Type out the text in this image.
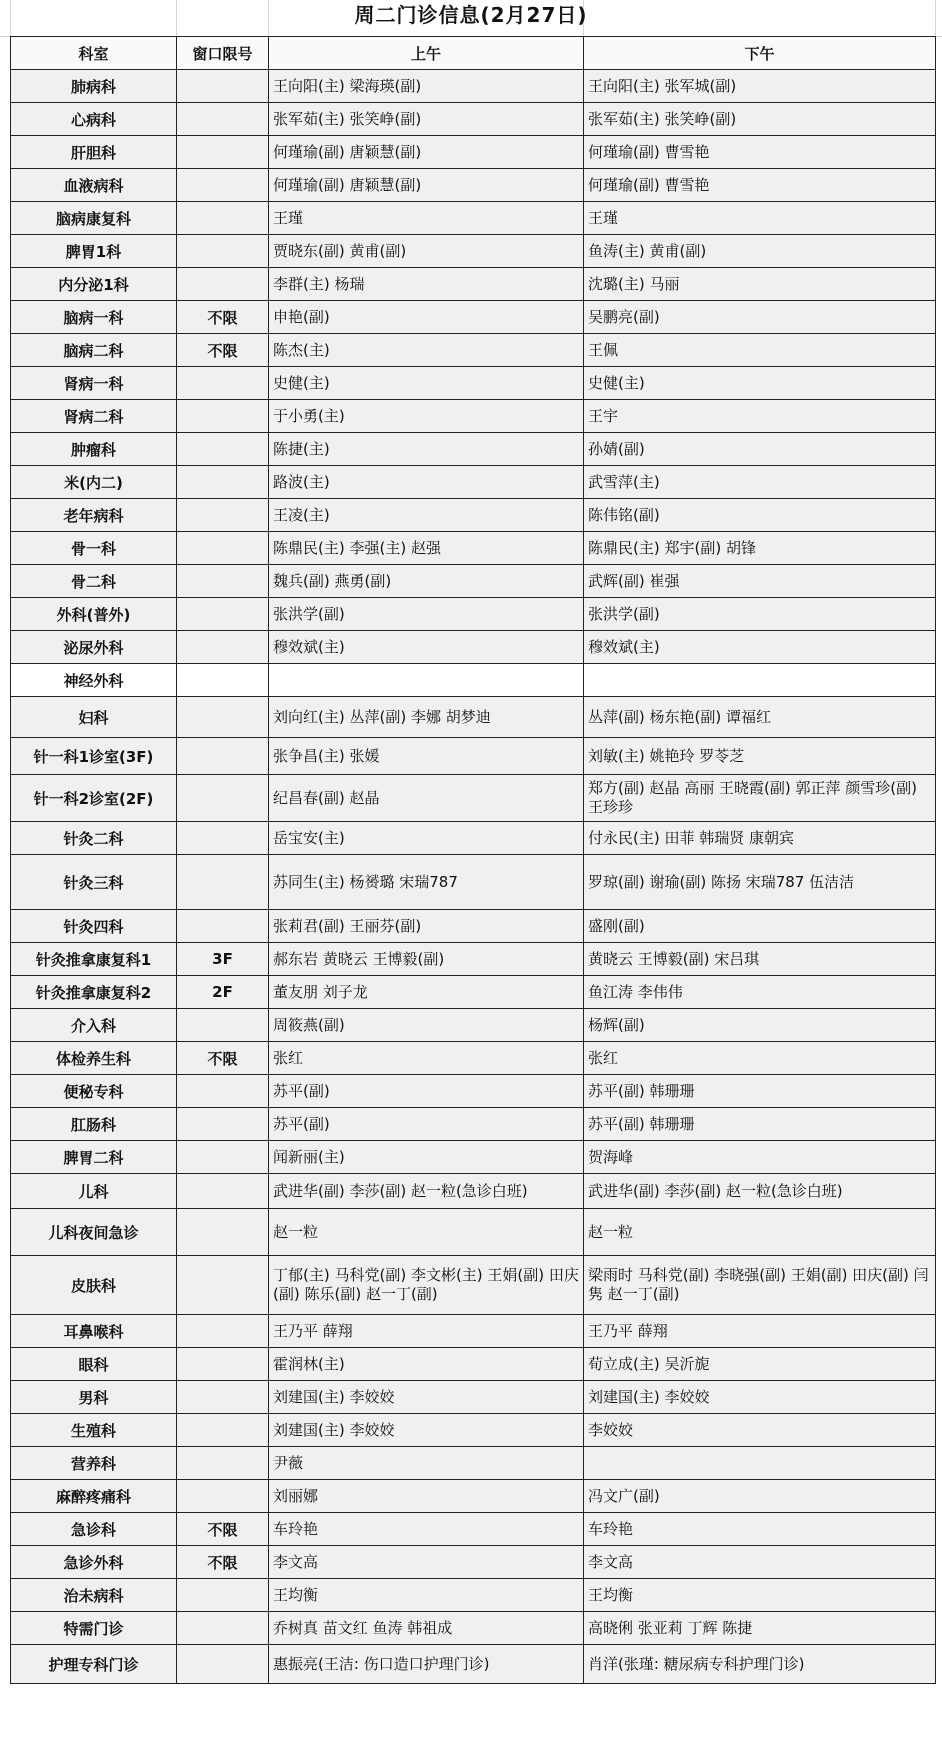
周二门诊信息(2月27日)
科室	窗口限号	上午	下午
肺病科		王向阳(主) 梁海瑛(副)	王向阳(主) 张军城(副)
心病科		张军茹(主) 张笑峥(副)	张军茹(主) 张笑峥(副)
肝胆科		何瑾瑜(副) 唐颖慧(副)	何瑾瑜(副) 曹雪艳
血液病科		何瑾瑜(副) 唐颖慧(副)	何瑾瑜(副) 曹雪艳
脑病康复科		王瑾	王瑾
脾胃1科		贾晓东(副) 黄甫(副)	鱼涛(主) 黄甫(副)
内分泌1科		李群(主) 杨瑞	沈璐(主) 马丽
脑病一科	不限	申艳(副)	吴鹏亮(副)
脑病二科	不限	陈杰(主)	王佩
肾病一科		史健(主)	史健(主)
肾病二科		于小勇(主)	王宇
肿瘤科		陈捷(主)	孙婧(副)
米(内二)		路波(主)	武雪萍(主)
老年病科		王凌(主)	陈伟铭(副)
骨一科		陈鼎民(主) 李强(主) 赵强	陈鼎民(主) 郑宇(副) 胡锋
骨二科		魏兵(副) 燕勇(副)	武辉(副) 崔强
外科(普外)		张洪学(副)	张洪学(副)
泌尿外科		穆效斌(主)	穆效斌(主)
神经外科			
妇科		刘向红(主) 丛萍(副) 李娜 胡梦迪	丛萍(副) 杨东艳(副) 谭福红
针一科1诊室(3F)		张争昌(主) 张媛	刘敏(主) 姚艳玲 罗苓芝
针一科2诊室(2F)		纪昌春(副) 赵晶	郑方(副) 赵晶 高丽 王晓霞(副) 郭正萍 颜雪珍(副) 王珍珍
针灸二科		岳宝安(主)	付永民(主) 田菲 韩瑞贤 康朝宾
针灸三科		苏同生(主) 杨赟璐 宋瑞787	罗琼(副) 谢瑜(副) 陈扬 宋瑞787 伍洁洁
针灸四科		张莉君(副) 王丽芬(副)	盛刚(副)
针灸推拿康复科1	3F	郝东岩 黄晓云 王博毅(副)	黄晓云 王博毅(副) 宋吕琪
针灸推拿康复科2	2F	董友朋 刘子龙	鱼江涛 李伟伟
介入科		周筱燕(副)	杨辉(副)
体检养生科	不限	张红	张红
便秘专科		苏平(副)	苏平(副) 韩珊珊
肛肠科		苏平(副)	苏平(副) 韩珊珊
脾胃二科		闻新丽(主)	贺海峰
儿科		武进华(副) 李莎(副) 赵一粒(急诊白班)	武进华(副) 李莎(副) 赵一粒(急诊白班)
儿科夜间急诊		赵一粒	赵一粒
皮肤科		丁郁(主) 马科党(副) 李文彬(主) 王娟(副) 田庆(副) 陈乐(副) 赵一丁(副)	梁雨时 马科党(副) 李晓强(副) 王娟(副) 田庆(副) 闫隽 赵一丁(副)
耳鼻喉科		王乃平 薛翔	王乃平 薛翔
眼科		霍润林(主)	荀立成(主) 吴沂旎
男科		刘建国(主) 李姣姣	刘建国(主) 李姣姣
生殖科		刘建国(主) 李姣姣	李姣姣
营养科		尹薇	
麻醉疼痛科		刘丽娜	冯文广(副)
急诊科	不限	车玲艳	车玲艳
急诊外科	不限	李文高	李文高
治未病科		王均衡	王均衡
特需门诊		乔树真 苗文红 鱼涛 韩祖成	高晓俐 张亚莉 丁辉 陈捷
护理专科门诊		惠振亮(王洁: 伤口造口护理门诊)	肖洋(张瑾: 糖尿病专科护理门诊)
